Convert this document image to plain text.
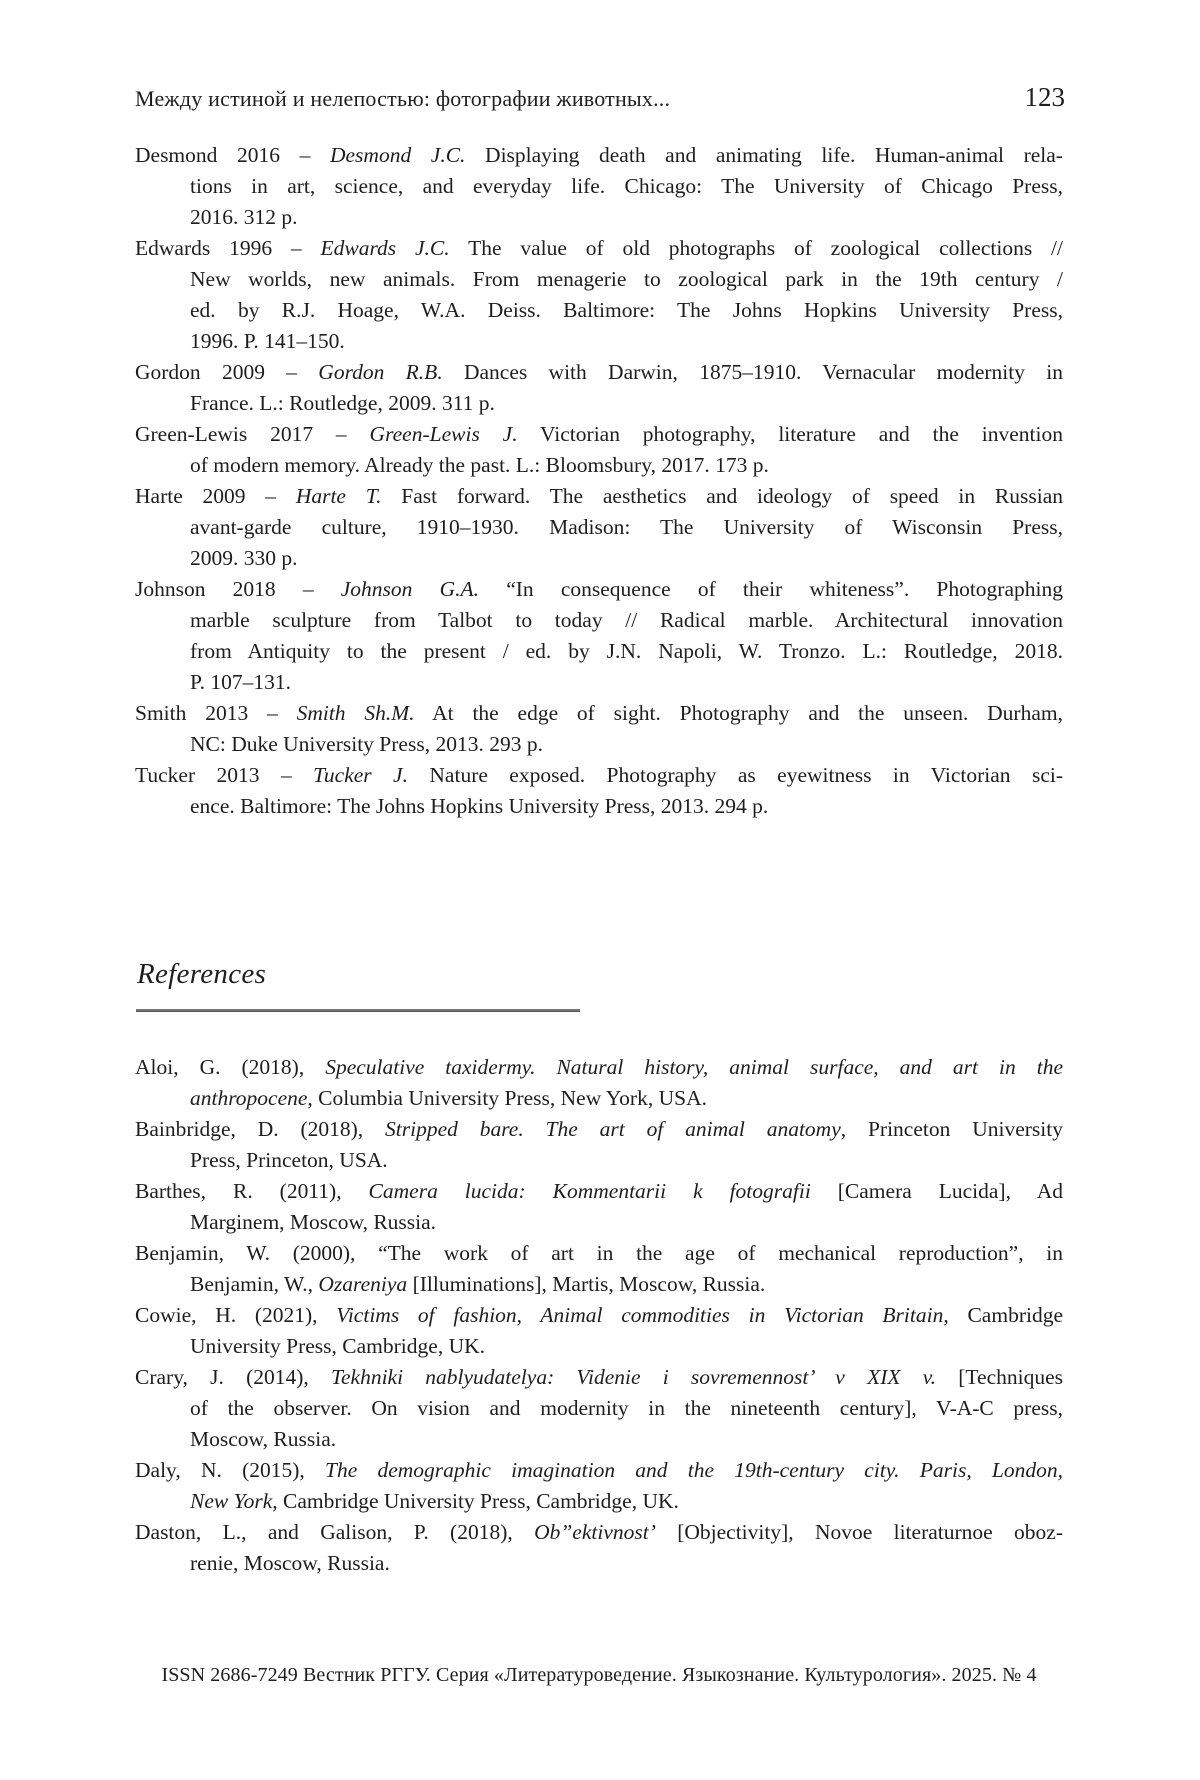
Между истиной и нелепостью: фотографии животных...	123
Desmond 2016 – Desmond J.C. Displaying death and animating life. Human-animal rela-
tions in art, science, and everyday life. Chicago: The University of Chicago Press,
2016. 312 p.
Edwards 1996 – Edwards J.C. The value of old photographs of zoological collections //
New worlds, new animals. From menagerie to zoological park in the 19th century /
ed. by R.J. Hoage, W.A. Deiss. Baltimore: The Johns Hopkins University Press,
1996. P. 141–150.
Gordon 2009 – Gordon R.B. Dances with Darwin, 1875–1910. Vernacular modernity in
France. L.: Routledge, 2009. 311 p.
Green-Lewis 2017 – Green-Lewis J. Victorian photography, literature and the invention
of modern memory. Already the past. L.: Bloomsbury, 2017. 173 p.
Harte 2009 – Harte T. Fast forward. The aesthetics and ideology of speed in Russian
avant-garde culture, 1910–1930. Madison: The University of Wisconsin Press,
2009. 330 p.
Johnson 2018 – Johnson G.A. “In consequence of their whiteness”. Photographing
marble sculpture from Talbot to today // Radical marble. Architectural innovation
from Antiquity to the present / ed. by J.N. Napoli, W. Tronzo. L.: Routledge, 2018.
P. 107–131.
Smith 2013 – Smith Sh.M. At the edge of sight. Photography and the unseen. Durham,
NC: Duke University Press, 2013. 293 p.
Tucker 2013 – Tucker J. Nature exposed. Photography as eyewitness in Victorian sci-
ence. Baltimore: The Johns Hopkins University Press, 2013. 294 p.
References
Aloi, G. (2018), Speculative taxidermy. Natural history, animal surface, and art in the
anthropocene, Columbia University Press, New York, USA.
Bainbridge, D. (2018), Stripped bare. The art of animal anatomy, Princeton University
Press, Princeton, USA.
Barthes, R. (2011), Camera lucida: Kommentarii k fotografii [Camera Lucida], Ad
Marginem, Moscow, Russia.
Benjamin, W. (2000), “The work of art in the age of mechanical reproduction”, in
Benjamin, W., Ozareniya [Illuminations], Martis, Moscow, Russia.
Cowie, H. (2021), Victims of fashion, Animal commodities in Victorian Britain, Cambridge
University Press, Cambridge, UK.
Crary, J. (2014), Tekhniki nablyudatelya: Videnie i sovremennost’ v XIX v. [Techniques
of the observer. On vision and modernity in the nineteenth century], V-A-C press,
Moscow, Russia.
Daly, N. (2015), The demographic imagination and the 19th-century city. Paris, London,
New York, Cambridge University Press, Cambridge, UK.
Daston, L., and Galison, P. (2018), Ob”ektivnost’ [Objectivity], Novoe literaturnoe oboz-
renie, Moscow, Russia.
ISSN 2686-7249 Вестник РГГУ. Серия «Литературоведение. Языкознание. Культурология». 2025. № 4
